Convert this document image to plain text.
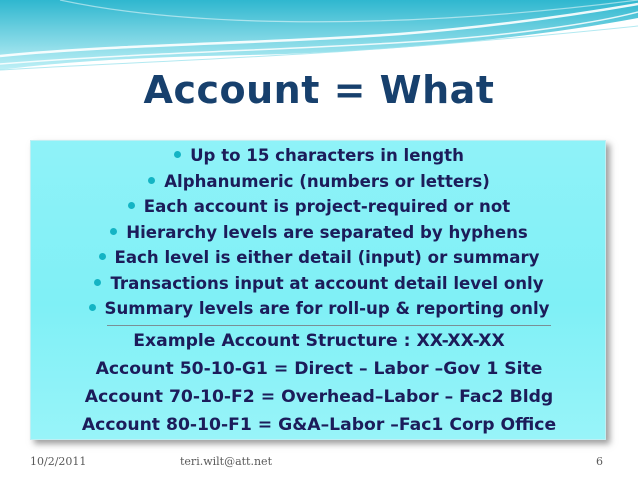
Account = What
Up to 15 characters in length
Alphanumeric (numbers or letters)
Each account is project-required or not
Hierarchy levels are separated by hyphens
Each level is either detail (input) or summary
Transactions input at account detail level only
Summary levels are for roll-up & reporting only
Example Account Structure : XX-XX-XX
Account 50-10-G1 = Direct – Labor –Gov 1 Site
Account 70-10-F2 = Overhead–Labor – Fac2 Bldg
Account 80-10-F1 = G&A–Labor –Fac1 Corp Office
10/2/2011	teri.wilt@att.net	6
